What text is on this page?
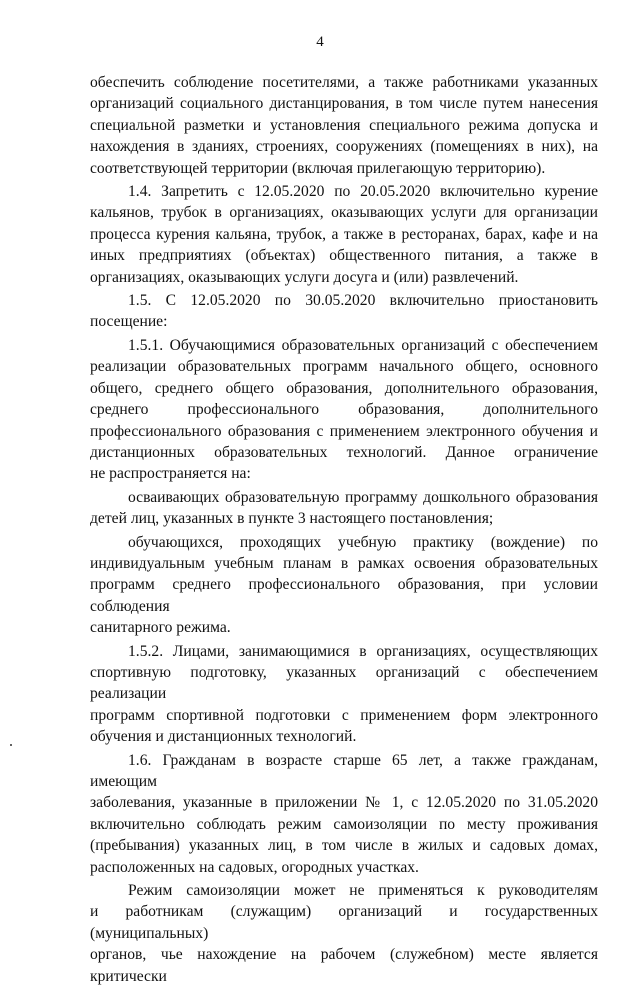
4

обеспечить соблюдение посетителями, а также работниками указанных
организаций социального дистанцирования, в том числе путем нанесения
специальной разметки и установления специального режима допуска и
нахождения в зданиях, строениях, сооружениях (помещениях в них), на
соответствующей территории (включая прилегающую территорию).

1.4. Запретить с 12.05.2020 по 20.05.2020 включительно курение
кальянов, трубок в организациях, оказывающих услуги для организации
процесса курения кальяна, трубок, а также в ресторанах, барах, кафе и на
иных предприятиях (объектах) общественного питания, а также в
организациях, оказывающих услуги досуга и (или) развлечений.

1.5. С 12.05.2020 по 30.05.2020 включительно приостановить
посещение:

1.5.1. Обучающимися образовательных организаций с обеспечением
реализации образовательных программ начального общего, основного
общего, среднего общего образования, дополнительного образования,
среднего профессионального образования, дополнительного
профессионального образования с применением электронного обучения и
дистанционных образовательных технологий. Данное ограничение
не распространяется на:

осваивающих образовательную программу дошкольного образования
детей лиц, указанных в пункте 3 настоящего постановления;

обучающихся, проходящих учебную практику (вождение) по
индивидуальным учебным планам в рамках освоения образовательных
программ среднего профессионального образования, при условии соблюдения
санитарного режима.

1.5.2. Лицами, занимающимися в организациях, осуществляющих
спортивную подготовку, указанных организаций с обеспечением реализации
программ спортивной подготовки с применением форм электронного
обучения и дистанционных технологий.

1.6. Гражданам в возрасте старше 65 лет, а также гражданам, имеющим
заболевания, указанные в приложении № 1, с 12.05.2020 по 31.05.2020
включительно соблюдать режим самоизоляции по месту проживания
(пребывания) указанных лиц, в том числе в жилых и садовых домах,
расположенных на садовых, огородных участках.

Режим самоизоляции может не применяться к руководителям
и работникам (служащим) организаций и государственных (муниципальных)
органов, чье нахождение на рабочем (служебном) месте является критически
